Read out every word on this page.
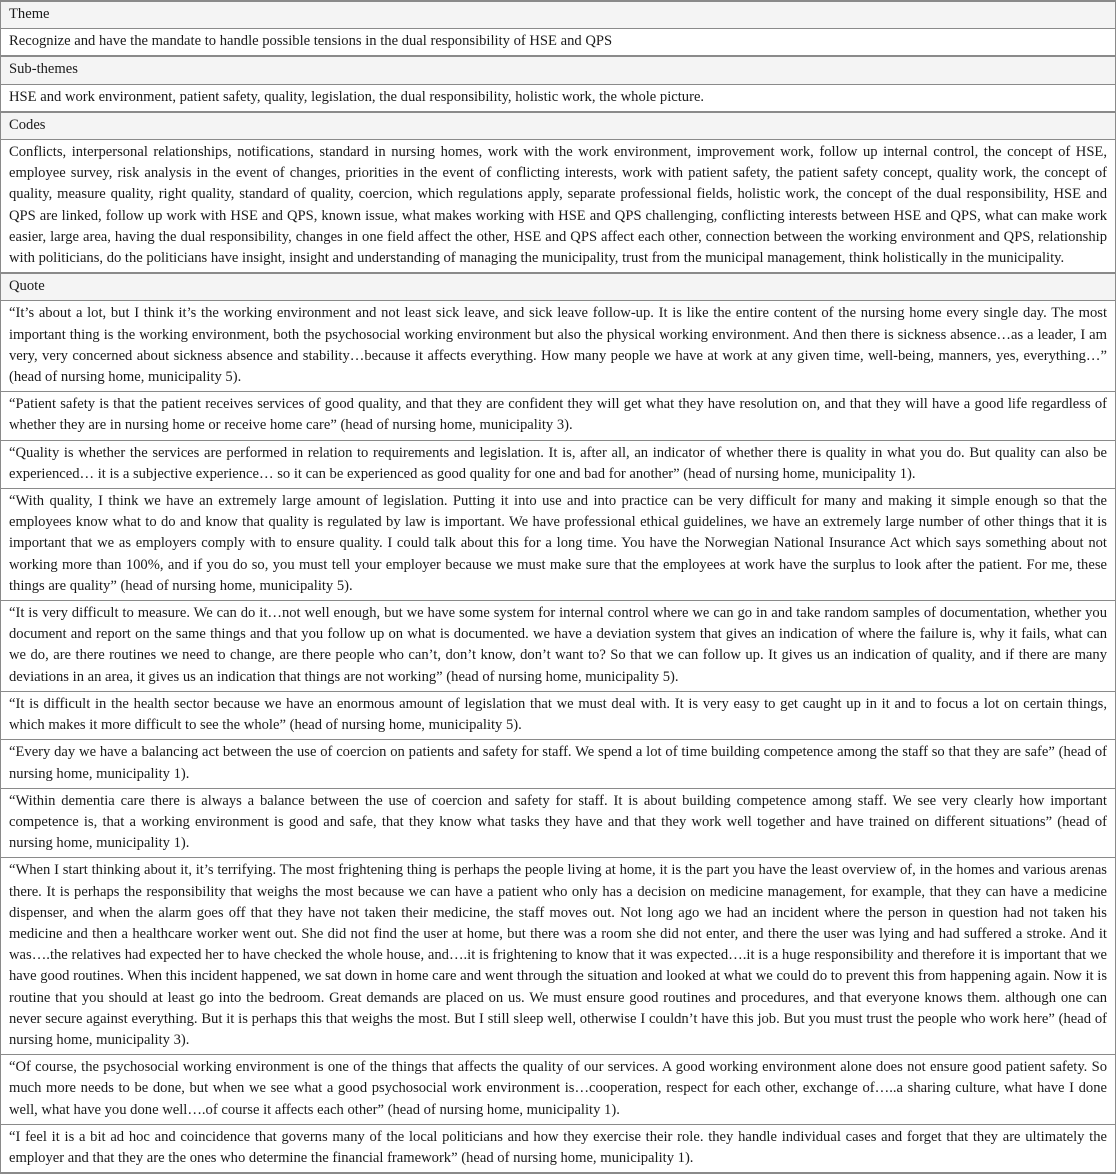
Theme
Recognize and have the mandate to handle possible tensions in the dual responsibility of HSE and QPS
Sub-themes
HSE and work environment, patient safety, quality, legislation, the dual responsibility, holistic work, the whole picture.
Codes
Conflicts, interpersonal relationships, notifications, standard in nursing homes, work with the work environment, improvement work, follow up internal control, the concept of HSE, employee survey, risk analysis in the event of changes, priorities in the event of conflicting interests, work with patient safety, the patient safety concept, quality work, the concept of quality, measure quality, right quality, standard of quality, coercion, which regulations apply, separate professional fields, holistic work, the concept of the dual responsibility, HSE and QPS are linked, follow up work with HSE and QPS, known issue, what makes working with HSE and QPS challenging, conflicting interests between HSE and QPS, what can make work easier, large area, having the dual responsibility, changes in one field affect the other, HSE and QPS affect each other, connection between the working environment and QPS, relationship with politicians, do the politicians have insight, insight and understanding of managing the municipality, trust from the municipal management, think holistically in the municipality.
Quote
“It’s about a lot, but I think it’s the working environment and not least sick leave, and sick leave follow-up. It is like the entire content of the nursing home every single day. The most important thing is the working environment, both the psychosocial working environment but also the physical working environment. And then there is sickness absence…as a leader, I am very, very concerned about sickness absence and stability…because it affects everything. How many people we have at work at any given time, well-being, manners, yes, everything…” (head of nursing home, municipality 5).
“Patient safety is that the patient receives services of good quality, and that they are confident they will get what they have resolution on, and that they will have a good life regardless of whether they are in nursing home or receive home care” (head of nursing home, municipality 3).
“Quality is whether the services are performed in relation to requirements and legislation. It is, after all, an indicator of whether there is quality in what you do. But quality can also be experienced… it is a subjective experience… so it can be experienced as good quality for one and bad for another” (head of nursing home, municipality 1).
“With quality, I think we have an extremely large amount of legislation. Putting it into use and into practice can be very difficult for many and making it simple enough so that the employees know what to do and know that quality is regulated by law is important. We have professional ethical guidelines, we have an extremely large number of other things that it is important that we as employers comply with to ensure quality. I could talk about this for a long time. You have the Norwegian National Insurance Act which says something about not working more than 100%, and if you do so, you must tell your employer because we must make sure that the employees at work have the surplus to look after the patient. For me, these things are quality” (head of nursing home, municipality 5).
“It is very difficult to measure. We can do it…not well enough, but we have some system for internal control where we can go in and take random samples of documentation, whether you document and report on the same things and that you follow up on what is documented. we have a deviation system that gives an indication of where the failure is, why it fails, what can we do, are there routines we need to change, are there people who can’t, don’t know, don’t want to? So that we can follow up. It gives us an indication of quality, and if there are many deviations in an area, it gives us an indication that things are not working” (head of nursing home, municipality 5).
“It is difficult in the health sector because we have an enormous amount of legislation that we must deal with. It is very easy to get caught up in it and to focus a lot on certain things, which makes it more difficult to see the whole” (head of nursing home, municipality 5).
“Every day we have a balancing act between the use of coercion on patients and safety for staff. We spend a lot of time building competence among the staff so that they are safe” (head of nursing home, municipality 1).
“Within dementia care there is always a balance between the use of coercion and safety for staff. It is about building competence among staff. We see very clearly how important competence is, that a working environment is good and safe, that they know what tasks they have and that they work well together and have trained on different situations” (head of nursing home, municipality 1).
“When I start thinking about it, it’s terrifying. The most frightening thing is perhaps the people living at home, it is the part you have the least overview of, in the homes and various arenas there. It is perhaps the responsibility that weighs the most because we can have a patient who only has a decision on medicine management, for example, that they can have a medicine dispenser, and when the alarm goes off that they have not taken their medicine, the staff moves out. Not long ago we had an incident where the person in question had not taken his medicine and then a healthcare worker went out. She did not find the user at home, but there was a room she did not enter, and there the user was lying and had suffered a stroke. And it was….the relatives had expected her to have checked the whole house, and….it is frightening to know that it was expected….it is a huge responsibility and therefore it is important that we have good routines. When this incident happened, we sat down in home care and went through the situation and looked at what we could do to prevent this from happening again. Now it is routine that you should at least go into the bedroom. Great demands are placed on us. We must ensure good routines and procedures, and that everyone knows them. although one can never secure against everything. But it is perhaps this that weighs the most. But I still sleep well, otherwise I couldn’t have this job. But you must trust the people who work here” (head of nursing home, municipality 3).
“Of course, the psychosocial working environment is one of the things that affects the quality of our services. A good working environment alone does not ensure good patient safety. So much more needs to be done, but when we see what a good psychosocial work environment is…cooperation, respect for each other, exchange of…..a sharing culture, what have I done well, what have you done well….of course it affects each other” (head of nursing home, municipality 1).
“I feel it is a bit ad hoc and coincidence that governs many of the local politicians and how they exercise their role. they handle individual cases and forget that they are ultimately the employer and that they are the ones who determine the financial framework” (head of nursing home, municipality 1).
